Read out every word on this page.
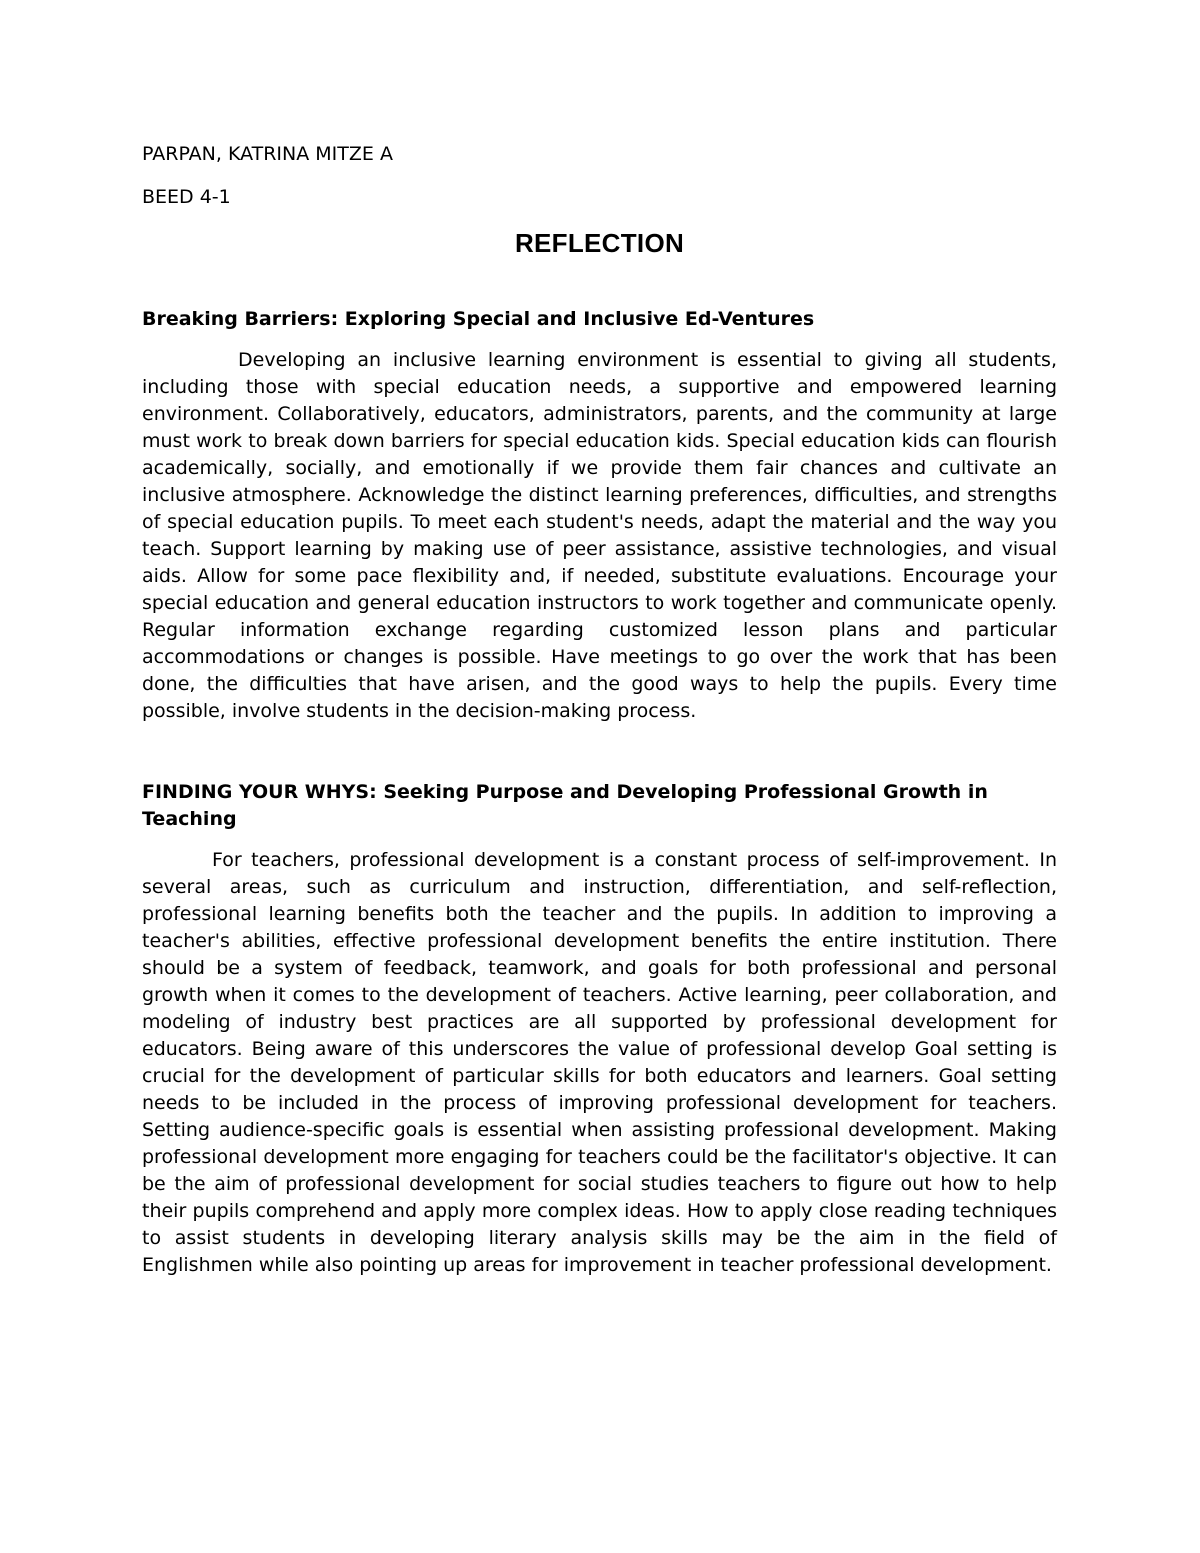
PARPAN, KATRINA MITZE A

BEED 4-1

REFLECTION
Breaking Barriers: Exploring Special and Inclusive Ed-Ventures

Developing an inclusive learning environment is essential to giving all students, including those with special education needs, a supportive and empowered learning environment. Collaboratively, educators, administrators, parents, and the community at large must work to break down barriers for special education kids. Special education kids can flourish academically, socially, and emotionally if we provide them fair chances and cultivate an inclusive atmosphere. Acknowledge the distinct learning preferences, difficulties, and strengths of special education pupils. To meet each student's needs, adapt the material and the way you teach. Support learning by making use of peer assistance, assistive technologies, and visual aids. Allow for some pace flexibility and, if needed, substitute evaluations. Encourage your special education and general education instructors to work together and communicate openly. Regular information exchange regarding customized lesson plans and particular accommodations or changes is possible. Have meetings to go over the work that has been done, the difficulties that have arisen, and the good ways to help the pupils. Every time possible, involve students in the decision-making process.

FINDING YOUR WHYS: Seeking Purpose and Developing Professional Growth in Teaching

For teachers, professional development is a constant process of self-improvement. In several areas, such as curriculum and instruction, differentiation, and self-reflection, professional learning benefits both the teacher and the pupils. In addition to improving a teacher's abilities, effective professional development benefits the entire institution. There should be a system of feedback, teamwork, and goals for both professional and personal growth when it comes to the development of teachers. Active learning, peer collaboration, and modeling of industry best practices are all supported by professional development for educators. Being aware of this underscores the value of professional develop Goal setting is crucial for the development of particular skills for both educators and learners. Goal setting needs to be included in the process of improving professional development for teachers. Setting audience-specific goals is essential when assisting professional development. Making professional development more engaging for teachers could be the facilitator's objective. It can be the aim of professional development for social studies teachers to figure out how to help their pupils comprehend and apply more complex ideas. How to apply close reading techniques to assist students in developing literary analysis skills may be the aim in the field of Englishmen while also pointing up areas for improvement in teacher professional development.
